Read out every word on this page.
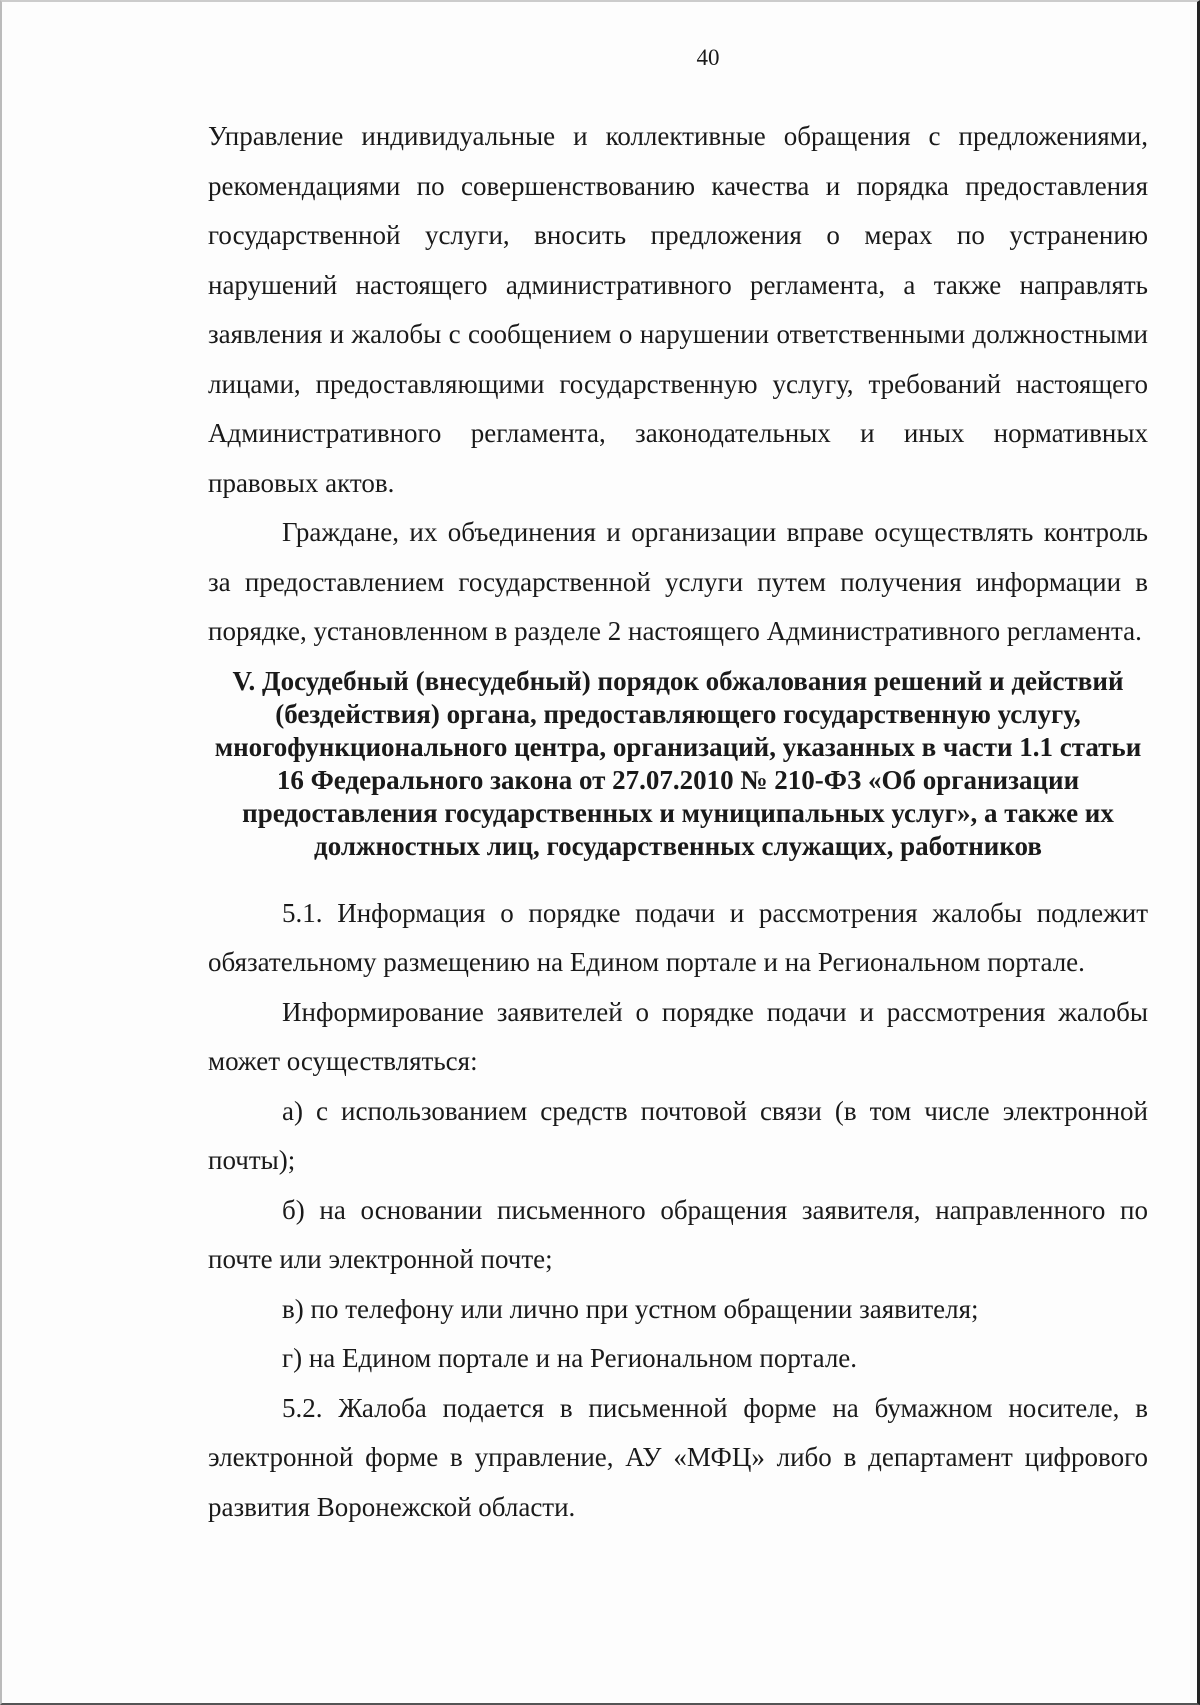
40

Управление индивидуальные и коллективные обращения с предложениями, рекомендациями по совершенствованию качества и порядка предоставления государственной услуги, вносить предложения о мерах по устранению нарушений настоящего административного регламента, а также направлять заявления и жалобы с сообщением о нарушении ответственными должностными лицами, предоставляющими государственную услугу, требований настоящего Административного регламента, законодательных и иных нормативных правовых актов.

Граждане, их объединения и организации вправе осуществлять контроль за предоставлением государственной услуги путем получения информации в порядке, установленном в разделе 2 настоящего Административного регламента.

V. Досудебный (внесудебный) порядок обжалования решений и действий (бездействия) органа, предоставляющего государственную услугу, многофункционального центра, организаций, указанных в части 1.1 статьи 16 Федерального закона от 27.07.2010 № 210-ФЗ «Об организации предоставления государственных и муниципальных услуг», а также их должностных лиц, государственных служащих, работников

5.1. Информация о порядке подачи и рассмотрения жалобы подлежит обязательному размещению на Едином портале и на Региональном портале.

Информирование заявителей о порядке подачи и рассмотрения жалобы может осуществляться:

а) с использованием средств почтовой связи (в том числе электронной почты);

б) на основании письменного обращения заявителя, направленного по почте или электронной почте;

в) по телефону или лично при устном обращении заявителя;

г) на Едином портале и на Региональном портале.

5.2. Жалоба подается в письменной форме на бумажном носителе, в электронной форме в управление, АУ «МФЦ» либо в департамент цифрового развития Воронежской области.
